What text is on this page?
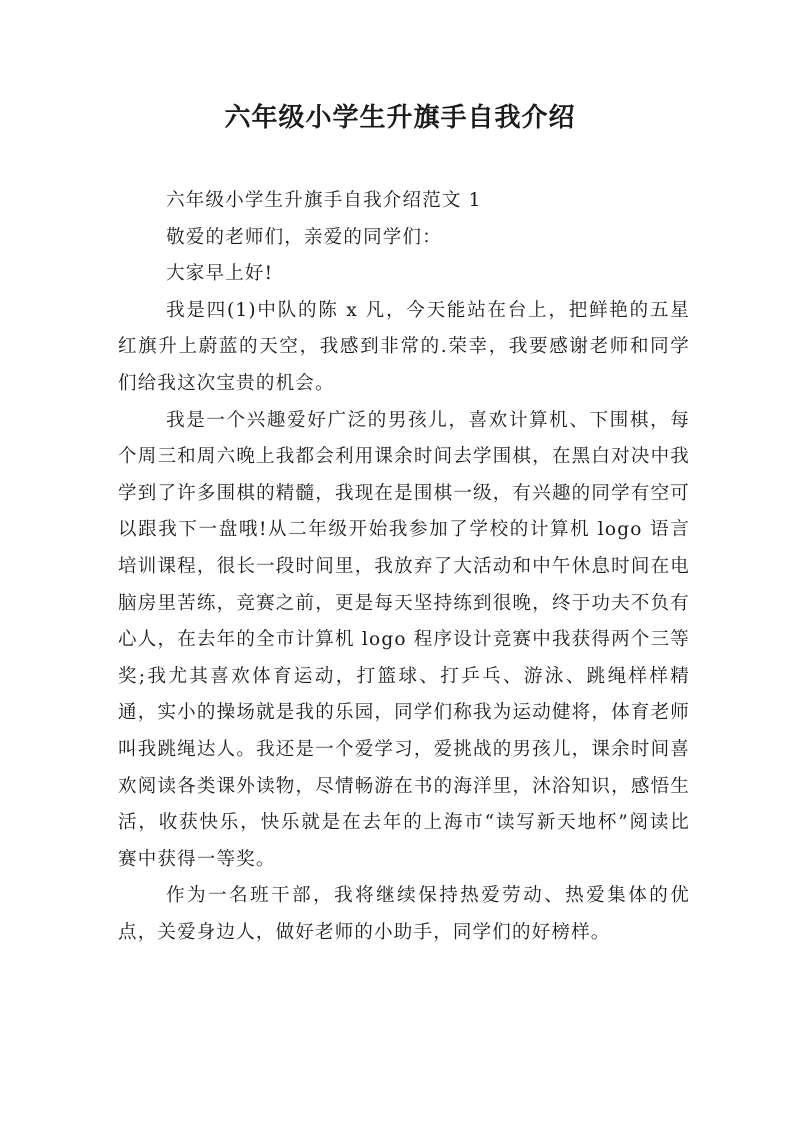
六年级小学生升旗手自我介绍

六年级小学生升旗手自我介绍范文 1

敬爱的老师们，亲爱的同学们：

大家早上好!

我是四(1)中队的陈 x 凡，今天能站在台上，把鲜艳的五星红旗升上蔚蓝的天空，我感到非常的.荣幸，我要感谢老师和同学们给我这次宝贵的机会。

我是一个兴趣爱好广泛的男孩儿，喜欢计算机、下围棋，每个周三和周六晚上我都会利用课余时间去学围棋，在黑白对决中我学到了许多围棋的精髓，我现在是围棋一级，有兴趣的同学有空可以跟我下一盘哦!从二年级开始我参加了学校的计算机 logo 语言培训课程，很长一段时间里，我放弃了大活动和中午休息时间在电脑房里苦练，竞赛之前，更是每天坚持练到很晚，终于功夫不负有心人，在去年的全市计算机 logo 程序设计竞赛中我获得两个三等奖;我尤其喜欢体育运动，打篮球、打乒乓、游泳、跳绳样样精通，实小的操场就是我的乐园，同学们称我为运动健将，体育老师叫我跳绳达人。我还是一个爱学习，爱挑战的男孩儿，课余时间喜欢阅读各类课外读物，尽情畅游在书的海洋里，沐浴知识，感悟生活，收获快乐，快乐就是在去年的上海市“读写新天地杯”阅读比赛中获得一等奖。

作为一名班干部，我将继续保持热爱劳动、热爱集体的优点，关爱身边人，做好老师的小助手，同学们的好榜样。
